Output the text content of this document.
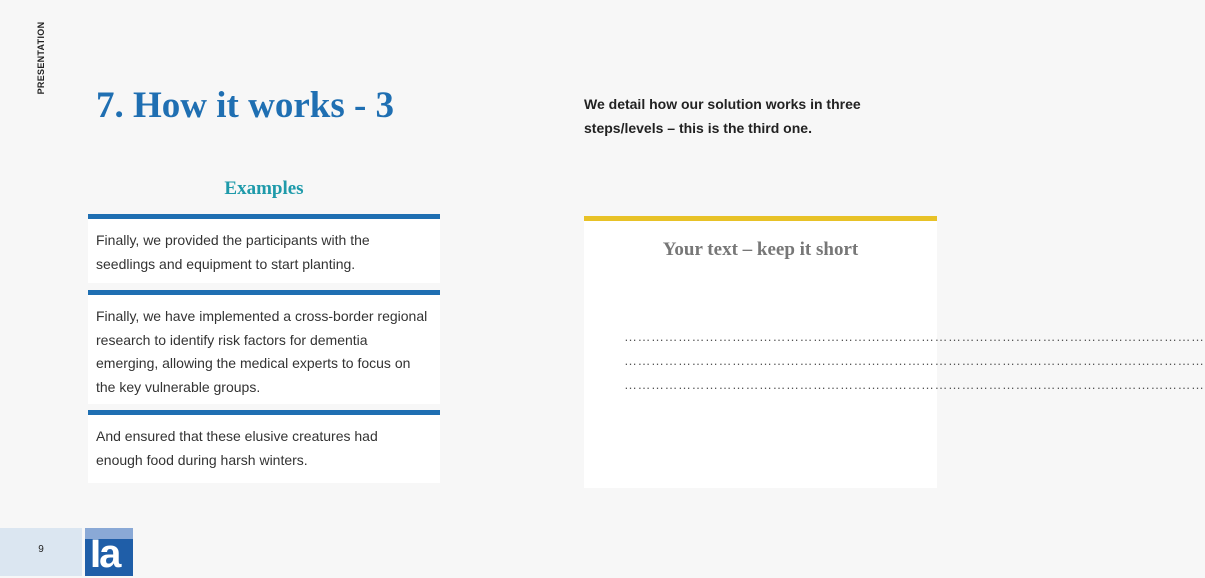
PRESENTATION
7. How it works - 3	We detail how our solution works in three steps/levels – this is the third one.
Examples
Finally, we provided the participants with the seedlings and equipment to start planting.
Finally, we have implemented a cross-border regional research to identify risk factors for dementia emerging, allowing the medical experts to focus on the key vulnerable groups.
And ensured that these elusive creatures had enough food during harsh winters.
Your text – keep it short
…………………………………………………………………………………………………………………
…………………………………………………………………………………………………………………
…………………………………………………………………………………………………………………
9	Ia
